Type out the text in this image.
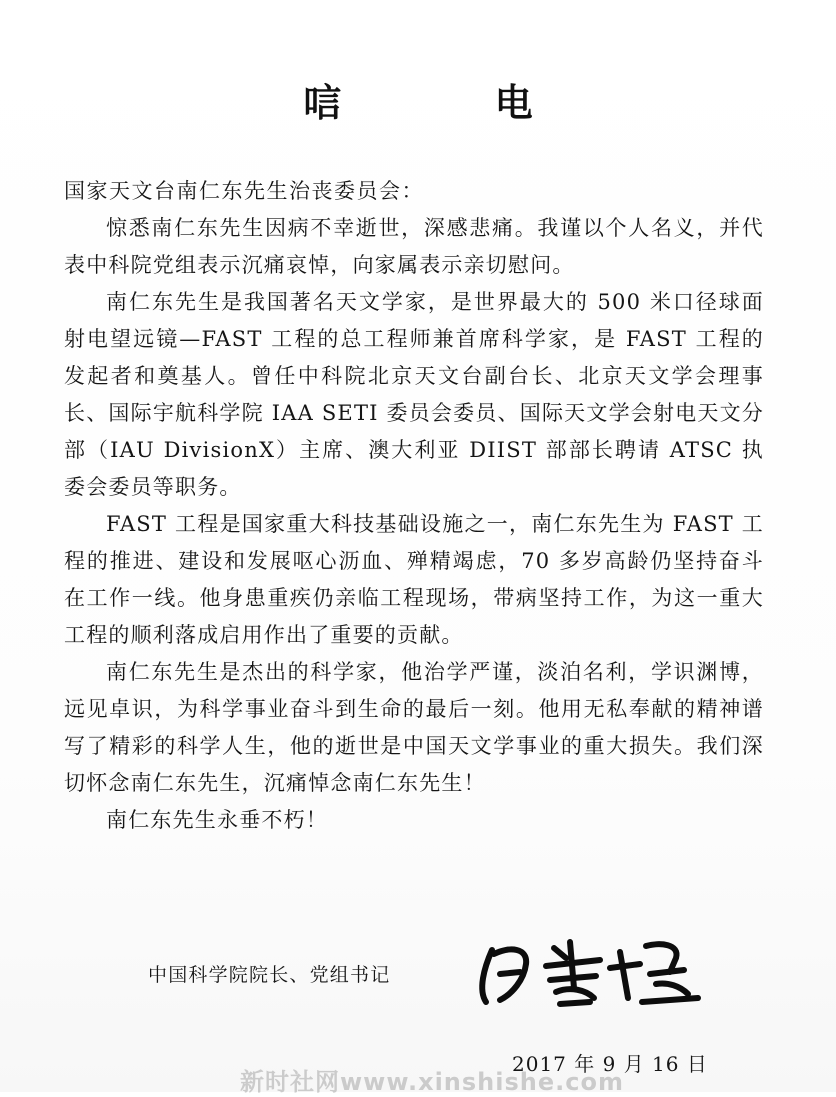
唁 电
国家天文台南仁东先生治丧委员会：

惊悉南仁东先生因病不幸逝世，深感悲痛。我谨以个人名义，并代表中科院党组表示沉痛哀悼，向家属表示亲切慰问。

南仁东先生是我国著名天文学家，是世界最大的 500 米口径球面射电望远镜—FAST 工程的总工程师兼首席科学家，是 FAST 工程的发起者和奠基人。曾任中科院北京天文台副台长、北京天文学会理事长、国际宇航科学院 IAA SETI 委员会委员、国际天文学会射电天文分部（IAU DivisionX）主席、澳大利亚 DIIST 部部长聘请 ATSC 执委会委员等职务。

FAST 工程是国家重大科技基础设施之一，南仁东先生为 FAST 工程的推进、建设和发展呕心沥血、殚精竭虑，70 多岁高龄仍坚持奋斗在工作一线。他身患重疾仍亲临工程现场，带病坚持工作，为这一重大工程的顺利落成启用作出了重要的贡献。

南仁东先生是杰出的科学家，他治学严谨，淡泊名利，学识渊博，远见卓识，为科学事业奋斗到生命的最后一刻。他用无私奉献的精神谱写了精彩的科学人生，他的逝世是中国天文学事业的重大损失。我们深切怀念南仁东先生，沉痛悼念南仁东先生！

南仁东先生永垂不朽！

中国科学院院长、党组书记
2017 年 9 月 16 日
新时社网www.xinshishe.com
